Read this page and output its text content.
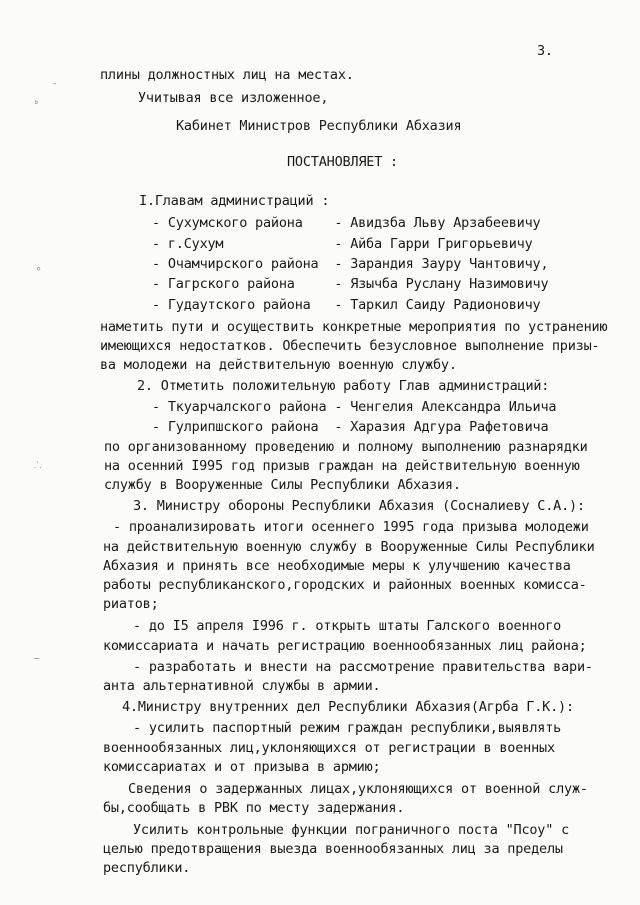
3.
плины должностных лиц на местах.
Учитывая все изложенное,
Кабинет Министров Республики Абхазия
ПОСТАНОВЛЯЕТ :
I.Главам администраций :
- Сухумского района    - Авидзба Льву Арзабеевичу
- г.Сухум              - Айба Гарри Григорьевичу
- Очамчирского района  - Зарандия Зауру Чантовичу,
- Гагрского района     - Язычба Руслану Назимовичу
- Гудаутского района   - Таркил Саиду Радионовичу
наметить пути и осуществить конкретные мероприятия по устранению
имеющихся недостатков. Обеспечить безусловное выполнение призы-
ва молодежи на действительную военную службу.
2. Отметить положительную работу Глав администраций:
- Ткуарчалского района - Ченгелия Александра Ильича
- Гулрипшского района  - Харазия Адгура Рафетовича
по организованному проведению и полному выполнению разнарядки
на осенний I995 год призыв граждан на действительную военную
службу в Вооруженные Силы Республики Абхазия.
3. Министру обороны Республики Абхазия (Сосналиеву С.А.):
- проанализировать итоги осеннего 1995 года призыва молодежи
на действительную военную службу в Вооруженные Силы Республики
Абхазия и принять все необходимые меры к улучшению качества
работы республиканского,городских и районных военных комисса-
риатов;
- до I5 апреля I996 г. открыть штаты Галского военного
комиссариата и начать регистрацию военнообязанных лиц района;
- разработать и внести на рассмотрение правительства вари-
анта альтернативной службы в армии.
4.Министру внутренних дел Республики Абхазия(Агрба Г.К.):
- усилить паспортный режим граждан республики,выявлять
военнообязанных лиц,уклоняющихся от регистрации в военных
комиссариатах и от призыва в армию;
Сведения о задержанных лицах,уклоняющихся от военной служ-
бы,сообщать в РВК по месту задержания.
Усилить контрольные функции пограничного поста "Псоу" с
целью предотвращения выезда военнообязанных лиц за пределы
республики.
ᵔ
ᵇ
⸰
⸫
—
